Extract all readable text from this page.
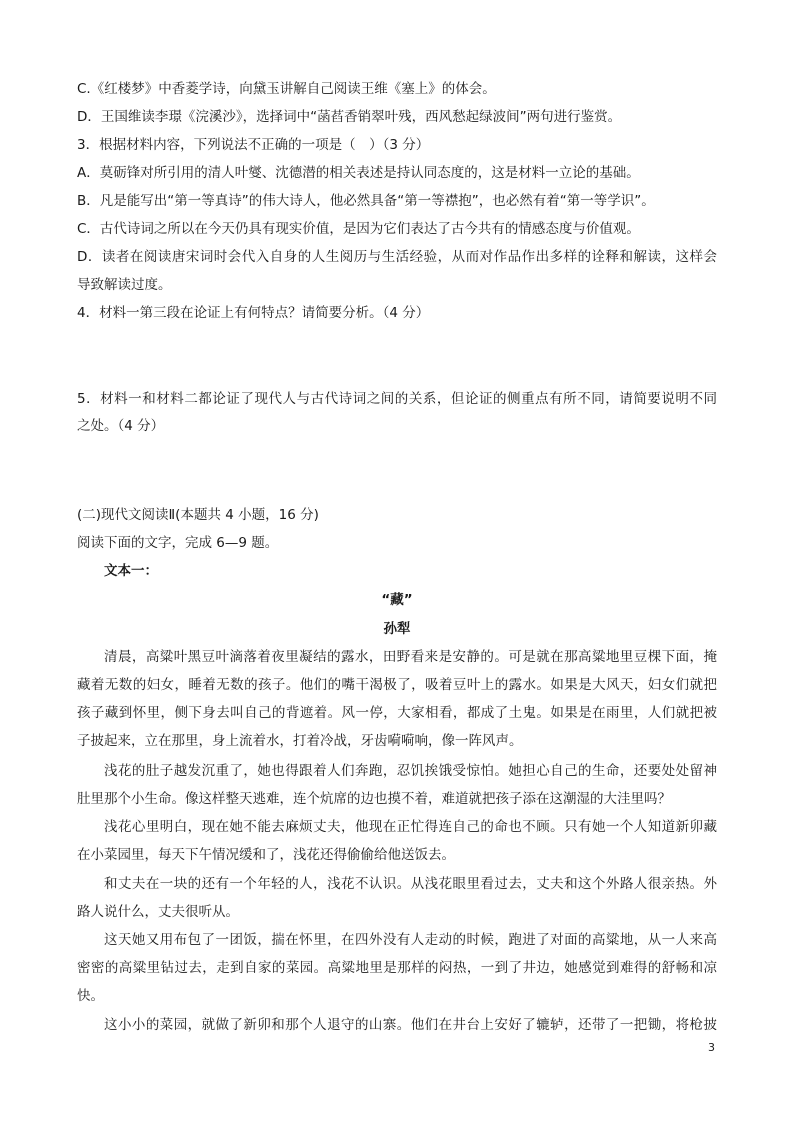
C.《红楼梦》中香菱学诗，向黛玉讲解自己阅读王维《塞上》的体会。
D．王国维读李璟《浣溪沙》，选择词中“菡萏香销翠叶残，西风愁起绿波间”两句进行鉴赏。
3．根据材料内容，下列说法不正确的一项是（　）（3 分）
A．莫砺锋对所引用的清人叶燮、沈德潜的相关表述是持认同态度的，这是材料一立论的基础。
B．凡是能写出“第一等真诗”的伟大诗人，他必然具备“第一等襟抱”，也必然有着“第一等学识”。
C．古代诗词之所以在今天仍具有现实价值，是因为它们表达了古今共有的情感态度与价值观。
D．读者在阅读唐宋词时会代入自身的人生阅历与生活经验，从而对作品作出多样的诠释和解读，这样会
导致解读过度。
4．材料一第三段在论证上有何特点？请简要分析。（4 分）
5．材料一和材料二都论证了现代人与古代诗词之间的关系，但论证的侧重点有所不同，请简要说明不同
之处。（4 分）
(二)现代文阅读Ⅱ(本题共 4 小题，16 分)
阅读下面的文字，完成 6—9 题。
文本一：
“藏”
孙犁
清晨，高粱叶黑豆叶滴落着夜里凝结的露水，田野看来是安静的。可是就在那高粱地里豆棵下面，掩
藏着无数的妇女，睡着无数的孩子。他们的嘴干渴极了，吸着豆叶上的露水。如果是大风天，妇女们就把
孩子藏到怀里，侧下身去叫自己的背遮着。风一停，大家相看，都成了土鬼。如果是在雨里，人们就把被
子披起来，立在那里，身上流着水，打着冷战，牙齿嗬嗬响，像一阵风声。
浅花的肚子越发沉重了，她也得跟着人们奔跑，忍饥挨饿受惊怕。她担心自己的生命，还要处处留神
肚里那个小生命。像这样整天逃难，连个炕席的边也摸不着，难道就把孩子添在这潮湿的大洼里吗？
浅花心里明白，现在她不能去麻烦丈夫，他现在正忙得连自己的命也不顾。只有她一个人知道新卯藏
在小菜园里，每天下午情况缓和了，浅花还得偷偷给他送饭去。
和丈夫在一块的还有一个年轻的人，浅花不认识。从浅花眼里看过去，丈夫和这个外路人很亲热。外
路人说什么，丈夫很听从。
这天她又用布包了一团饭，揣在怀里，在四外没有人走动的时候，跑进了对面的高粱地，从一人来高
密密的高粱里钻过去，走到自家的菜园。高粱地里是那样的闷热，一到了井边，她感觉到难得的舒畅和凉
快。
这小小的菜园，就做了新卯和那个人退守的山寨。他们在井台上安好了辘轳，还带了一把锄，将枪披
3
